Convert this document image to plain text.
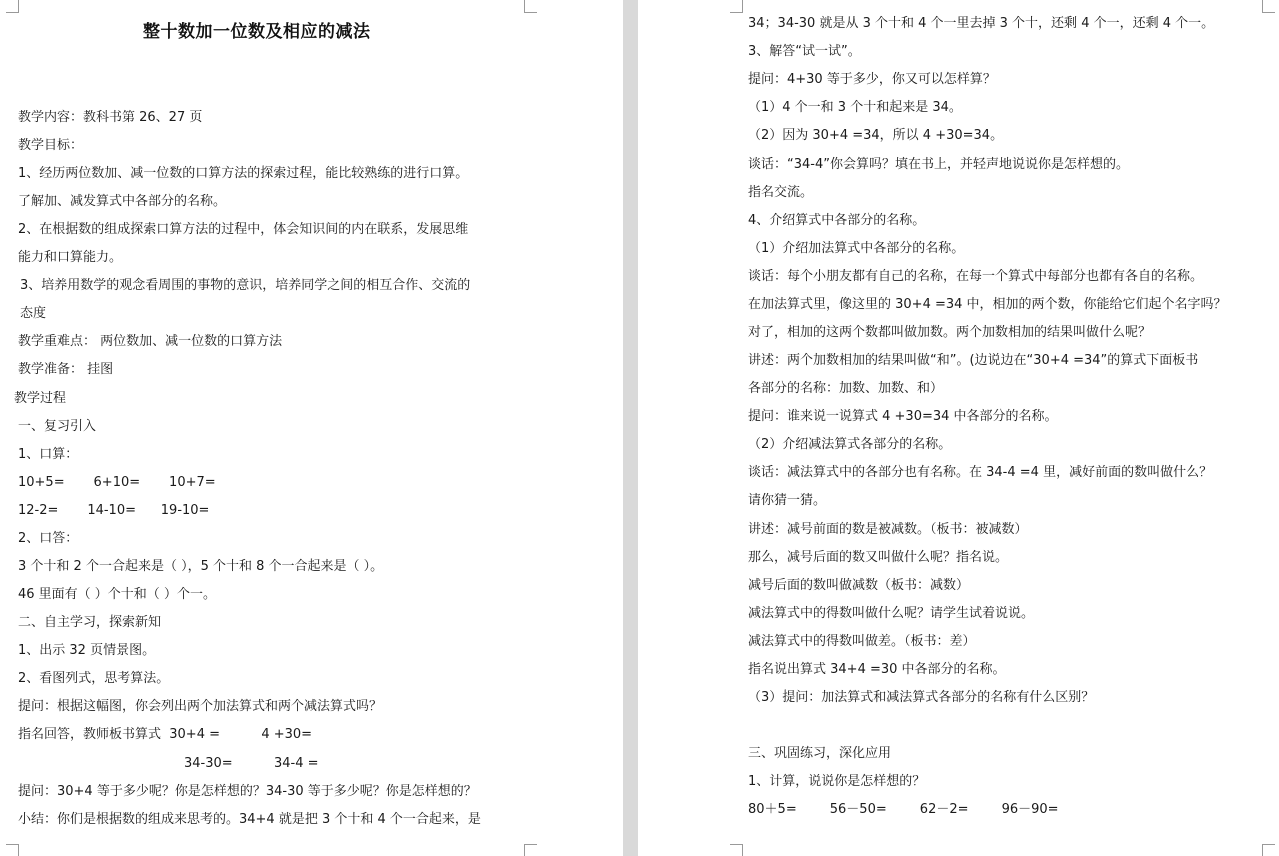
整十数加一位数及相应的减法
教学内容：教科书第 26、27 页
教学目标：
1、经历两位数加、减一位数的口算方法的探索过程，能比较熟练的进行口算。
了解加、减发算式中各部分的名称。
2、在根据数的组成探索口算方法的过程中，体会知识间的内在联系，发展思维
能力和口算能力。
3、培养用数学的观念看周围的事物的意识，培养同学之间的相互合作、交流的
态度
教学重难点： 两位数加、减一位数的口算方法
教学准备： 挂图
教学过程
一、复习引入
1、口算：
10+5=       6+10=       10+7=
12-2=       14-10=      19-10=
2、口答：
3 个十和 2 个一合起来是（ ），5 个十和 8 个一合起来是（ ）。
46 里面有（ ）个十和（ ）个一。
二、自主学习，探索新知
1、出示 32 页情景图。
2、看图列式，思考算法。
提问：根据这幅图，你会列出两个加法算式和两个减法算式吗？
指名回答，教师板书算式  30+4 =          4 +30=
34-30=          34-4 =
提问：30+4 等于多少呢？你是怎样想的？34-30 等于多少呢？你是怎样想的？
小结：你们是根据数的组成来思考的。34+4 就是把 3 个十和 4 个一合起来，是
34；34-30 就是从 3 个十和 4 个一里去掉 3 个十，还剩 4 个一，还剩 4 个一。
3、解答“试一试”。
提问：4+30 等于多少，你又可以怎样算？
（1）4 个一和 3 个十和起来是 34。
（2）因为 30+4 =34，所以 4 +30=34。
谈话：“34-4”你会算吗？填在书上，并轻声地说说你是怎样想的。
指名交流。
4、介绍算式中各部分的名称。
（1）介绍加法算式中各部分的名称。
谈话：每个小朋友都有自己的名称，在每一个算式中每部分也都有各自的名称。
在加法算式里，像这里的 30+4 =34 中，相加的两个数，你能给它们起个名字吗？
对了，相加的这两个数都叫做加数。两个加数相加的结果叫做什么呢？
讲述：两个加数相加的结果叫做“和”。(边说边在“30+4 =34”的算式下面板书
各部分的名称：加数、加数、和）
提问：谁来说一说算式 4 +30=34 中各部分的名称。
（2）介绍减法算式各部分的名称。
谈话：减法算式中的各部分也有名称。在 34-4 =4 里，减好前面的数叫做什么？
请你猜一猜。
讲述：减号前面的数是被减数。（板书：被减数）
那么，减号后面的数又叫做什么呢？指名说。
减号后面的数叫做减数（板书：减数）
减法算式中的得数叫做什么呢？请学生试着说说。
减法算式中的得数叫做差。（板书：差）
指名说出算式 34+4 =30 中各部分的名称。
（3）提问：加法算式和减法算式各部分的名称有什么区别？
三、巩固练习，深化应用
1、计算，说说你是怎样想的？
80＋5=        56－50=        62－2=        96－90=
